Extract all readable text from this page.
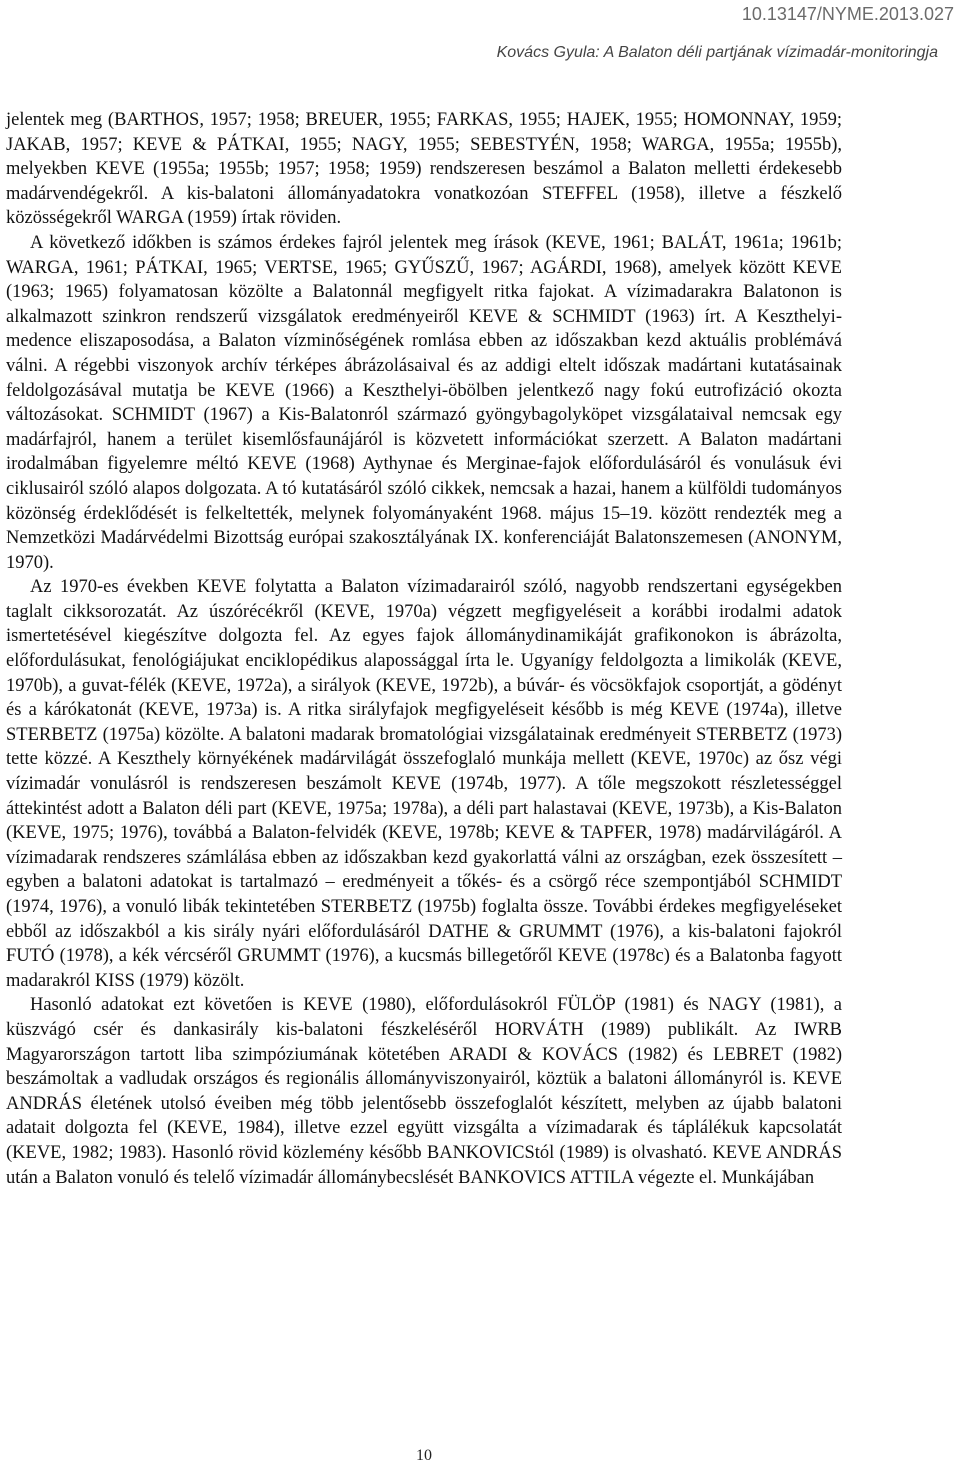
10.13147/NYME.2013.027
Kovács Gyula: A Balaton déli partjának vízimadár-monitoringja

jelentek meg (BARTHOS, 1957; 1958; BREUER, 1955; FARKAS, 1955; HAJEK, 1955; HOMONNAY, 1959; JAKAB, 1957; KEVE & PÁTKAI, 1955; NAGY, 1955; SEBESTYÉN, 1958; WARGA, 1955a; 1955b), melyekben KEVE (1955a; 1955b; 1957; 1958; 1959) rendszeresen beszámol a Balaton melletti érdekesebb madárvendégekről. A kis-balatoni állományadatokra vonatkozóan STEFFEL (1958), illetve a fészkelő közösségekről WARGA (1959) írtak röviden.

A következő időkben is számos érdekes fajról jelentek meg írások (KEVE, 1961; BALÁT, 1961a; 1961b; WARGA, 1961; PÁTKAI, 1965; VERTSE, 1965; GYŰSZŰ, 1967; AGÁRDI, 1968), amelyek között KEVE (1963; 1965) folyamatosan közölte a Balatonnál megfigyelt ritka fajokat. A vízimadarakra Balatonon is alkalmazott szinkron rendszerű vizsgálatok eredményeiről KEVE & SCHMIDT (1963) írt. A Keszthelyi-medence eliszaposodása, a Balaton vízminőségének romlása ebben az időszakban kezd aktuális problémává válni. A régebbi viszonyok archív térképes ábrázolásaival és az addigi eltelt időszak madártani kutatásainak feldolgozásával mutatja be KEVE (1966) a Keszthelyi-öbölben jelentkező nagy fokú eutrofizáció okozta változásokat. SCHMIDT (1967) a Kis-Balatonról származó gyöngybagolyköpet vizsgálataival nemcsak egy madárfajról, hanem a terület kisemlősfaunájáról is közvetett információkat szerzett. A Balaton madártani irodalmában figyelemre méltó KEVE (1968) Aythynae és Merginae-fajok előfordulásáról és vonulásuk évi ciklusairól szóló alapos dolgozata. A tó kutatásáról szóló cikkek, nemcsak a hazai, hanem a külföldi tudományos közönség érdeklődését is felkeltették, melynek folyományaként 1968. május 15–19. között rendezték meg a Nemzetközi Madárvédelmi Bizottság európai szakosztályának IX. konferenciáját Balatonszemesen (ANONYM, 1970).

Az 1970-es években KEVE folytatta a Balaton vízimadarairól szóló, nagyobb rendszertani egységekben taglalt cikksorozatát. Az úszórécékről (KEVE, 1970a) végzett megfigyeléseit a korábbi irodalmi adatok ismertetésével kiegészítve dolgozta fel. Az egyes fajok állománydinamikáját grafikonokon is ábrázolta, előfordulásukat, fenológiájukat enciklopédikus alapossággal írta le. Ugyanígy feldolgozta a limikolák (KEVE, 1970b), a guvat-félék (KEVE, 1972a), a sirályok (KEVE, 1972b), a búvár- és vöcsökfajok csoportját, a gödényt és a kárókatonát (KEVE, 1973a) is. A ritka sirályfajok megfigyeléseit később is még KEVE (1974a), illetve STERBETZ (1975a) közölte. A balatoni madarak bromatológiai vizsgálatainak eredményeit STERBETZ (1973) tette közzé. A Keszthely környékének madárvilágát összefoglaló munkája mellett (KEVE, 1970c) az ősz végi vízimadár vonulásról is rendszeresen beszámolt KEVE (1974b, 1977). A tőle megszokott részletességgel áttekintést adott a Balaton déli part (KEVE, 1975a; 1978a), a déli part halastavai (KEVE, 1973b), a Kis-Balaton (KEVE, 1975; 1976), továbbá a Balaton-felvidék (KEVE, 1978b; KEVE & TAPFER, 1978) madárvilágáról. A vízimadarak rendszeres számlálása ebben az időszakban kezd gyakorlattá válni az országban, ezek összesített – egyben a balatoni adatokat is tartalmazó – eredményeit a tőkés- és a csörgő réce szempontjából SCHMIDT (1974, 1976), a vonuló libák tekintetében STERBETZ (1975b) foglalta össze. További érdekes megfigyeléseket ebből az időszakból a kis sirály nyári előfordulásáról DATHE & GRUMMT (1976), a kis-balatoni fajokról FUTÓ (1978), a kék vércséről GRUMMT (1976), a kucsmás billegetőről KEVE (1978c) és a Balatonba fagyott madarakról KISS (1979) közölt.

Hasonló adatokat ezt követően is KEVE (1980), előfordulásokról FÜLÖP (1981) és NAGY (1981), a küszvágó csér és dankasirály kis-balatoni fészkeléséről HORVÁTH (1989) publikált. Az IWRB Magyarországon tartott liba szimpóziumának kötetében ARADI & KOVÁCS (1982) és LEBRET (1982) beszámoltak a vadludak országos és regionális állományviszonyairól, köztük a balatoni állományról is. KEVE ANDRÁS életének utolsó éveiben még több jelentősebb összefoglalót készített, melyben az újabb balatoni adatait dolgozta fel (KEVE, 1984), illetve ezzel együtt vizsgálta a vízimadarak és táplálékuk kapcsolatát (KEVE, 1982; 1983). Hasonló rövid közlemény később BANKOVICStól (1989) is olvasható. KEVE ANDRÁS után a Balaton vonuló és telelő vízimadár állománybecslését BANKOVICS ATTILA végezte el. Munkájában

10
